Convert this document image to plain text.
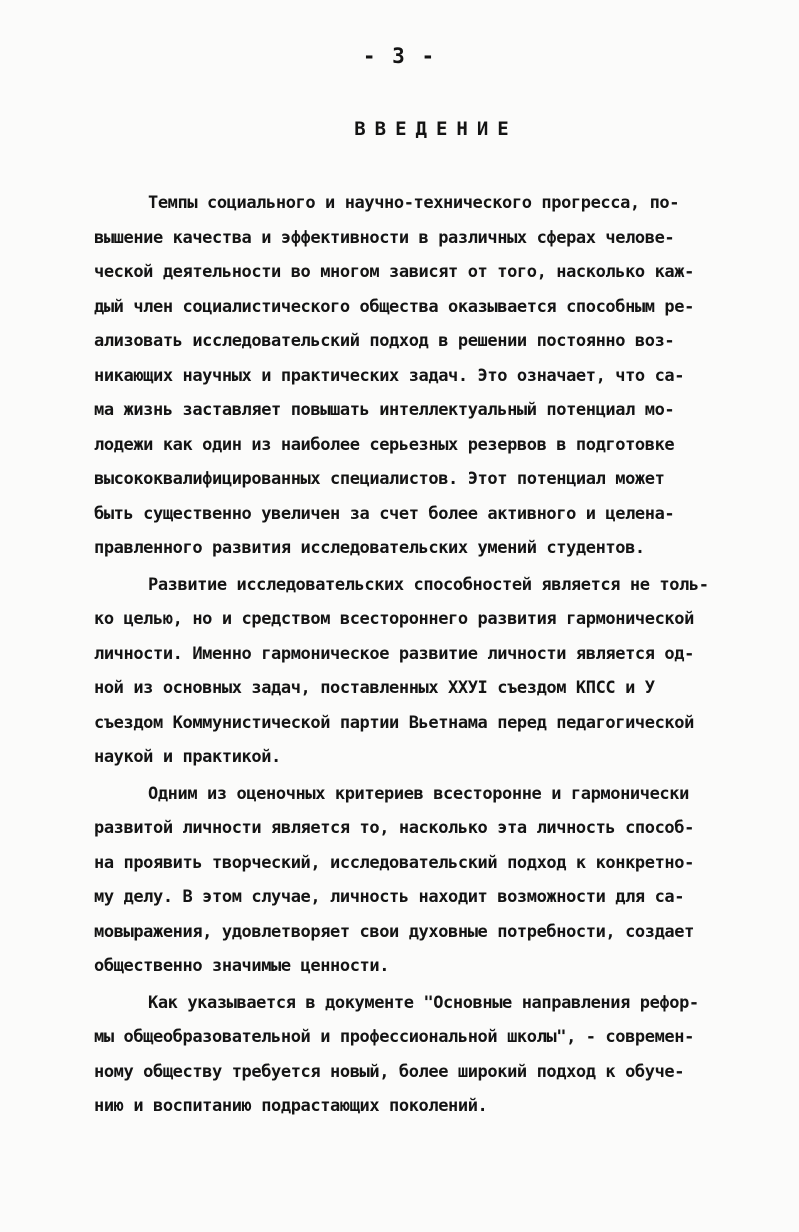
- 3 -
ВВЕДЕНИЕ
Темпы социального и научно-технического прогресса, по-
вышение качества и эффективности в различных сферах челове-
ческой деятельности во многом зависят от того, насколько каж-
дый член социалистического общества оказывается способным ре-
ализовать исследовательский подход в решении постоянно воз-
никающих научных и практических задач. Это означает, что са-
ма жизнь заставляет повышать интеллектуальный потенциал мо-
лодежи как один из наиболее серьезных резервов в подготовке
высококвалифицированных специалистов. Этот потенциал может
быть существенно увеличен за счет более активного и целена-
правленного развития исследовательских умений студентов.
Развитие исследовательских способностей является не толь-
ко целью, но и средством всестороннего развития гармонической
личности. Именно гармоническое развитие личности является од-
ной из основных задач, поставленных ХХУI съездом КПСС и У
съездом Коммунистической партии Вьетнама перед педагогической
наукой и практикой.
Одним из оценочных критериев всесторонне и гармонически
развитой личности является то, насколько эта личность способ-
на проявить творческий, исследовательский подход к конкретно-
му делу. В этом случае, личность находит возможности для са-
мовыражения, удовлетворяет свои духовные потребности, создает
общественно значимые ценности.
Как указывается в документе "Основные направления рефор-
мы общеобразовательной и профессиональной школы", - современ-
ному обществу требуется новый, более широкий подход к обуче-
нию и воспитанию подрастающих поколений.
